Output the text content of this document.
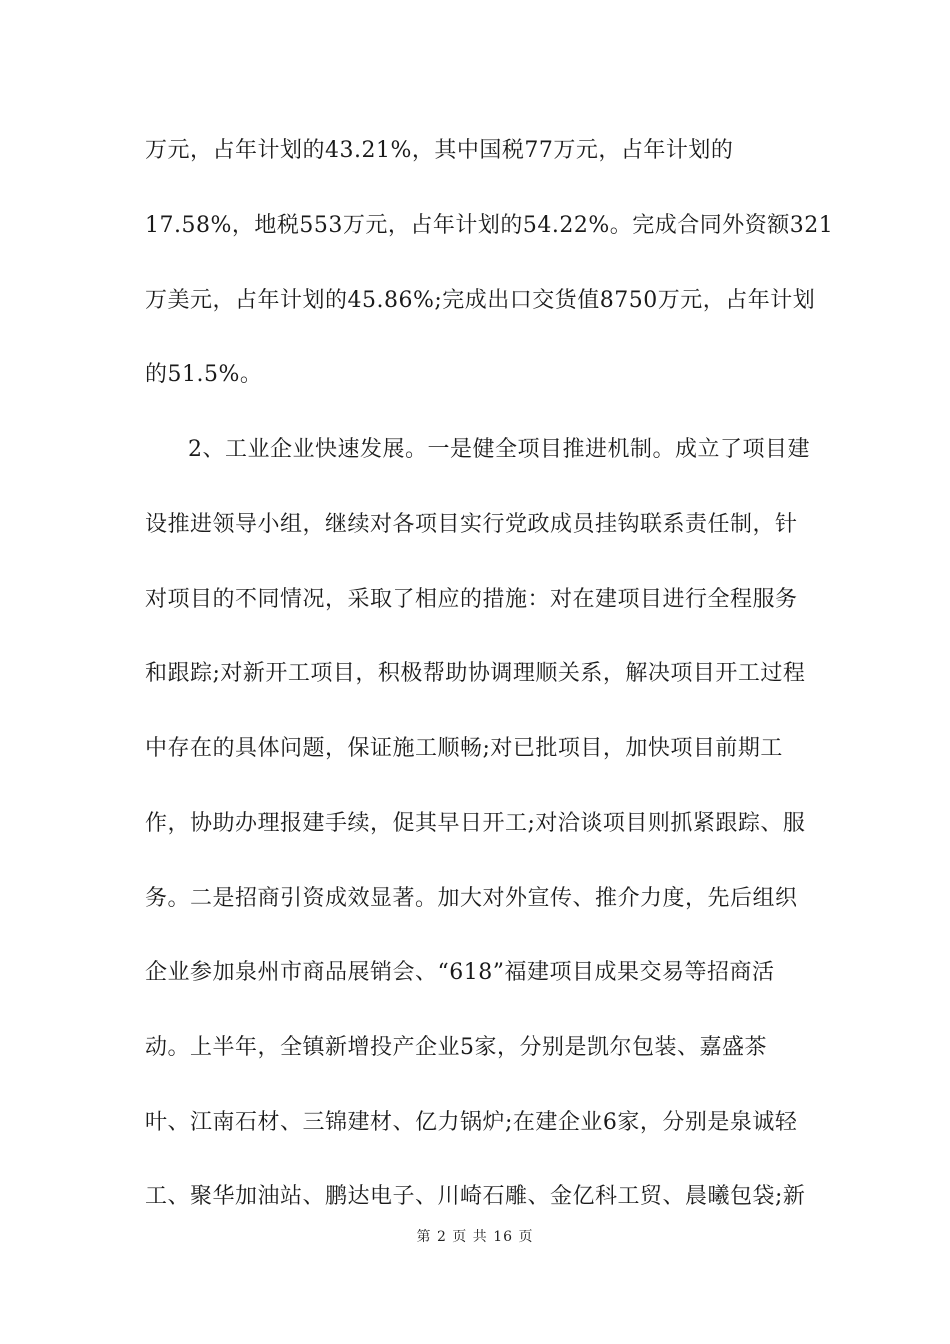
万元，占年计划的43.21%，其中国税77万元，占年计划的
17.58%，地税553万元，占年计划的54.22%。完成合同外资额321
万美元，占年计划的45.86%;完成出口交货值8750万元，占年计划
的51.5%。
2、工业企业快速发展。一是健全项目推进机制。成立了项目建
设推进领导小组，继续对各项目实行党政成员挂钩联系责任制，针
对项目的不同情况，采取了相应的措施：对在建项目进行全程服务
和跟踪;对新开工项目，积极帮助协调理顺关系，解决项目开工过程
中存在的具体问题，保证施工顺畅;对已批项目，加快项目前期工
作，协助办理报建手续，促其早日开工;对洽谈项目则抓紧跟踪、服
务。二是招商引资成效显著。加大对外宣传、推介力度，先后组织
企业参加泉州市商品展销会、“618”福建项目成果交易等招商活
动。上半年，全镇新增投产企业5家，分别是凯尔包装、嘉盛茶
叶、江南石材、三锦建材、亿力锅炉;在建企业6家，分别是泉诚轻
工、聚华加油站、鹏达电子、川崎石雕、金亿科工贸、晨曦包袋;新
第 2 页 共 16 页
